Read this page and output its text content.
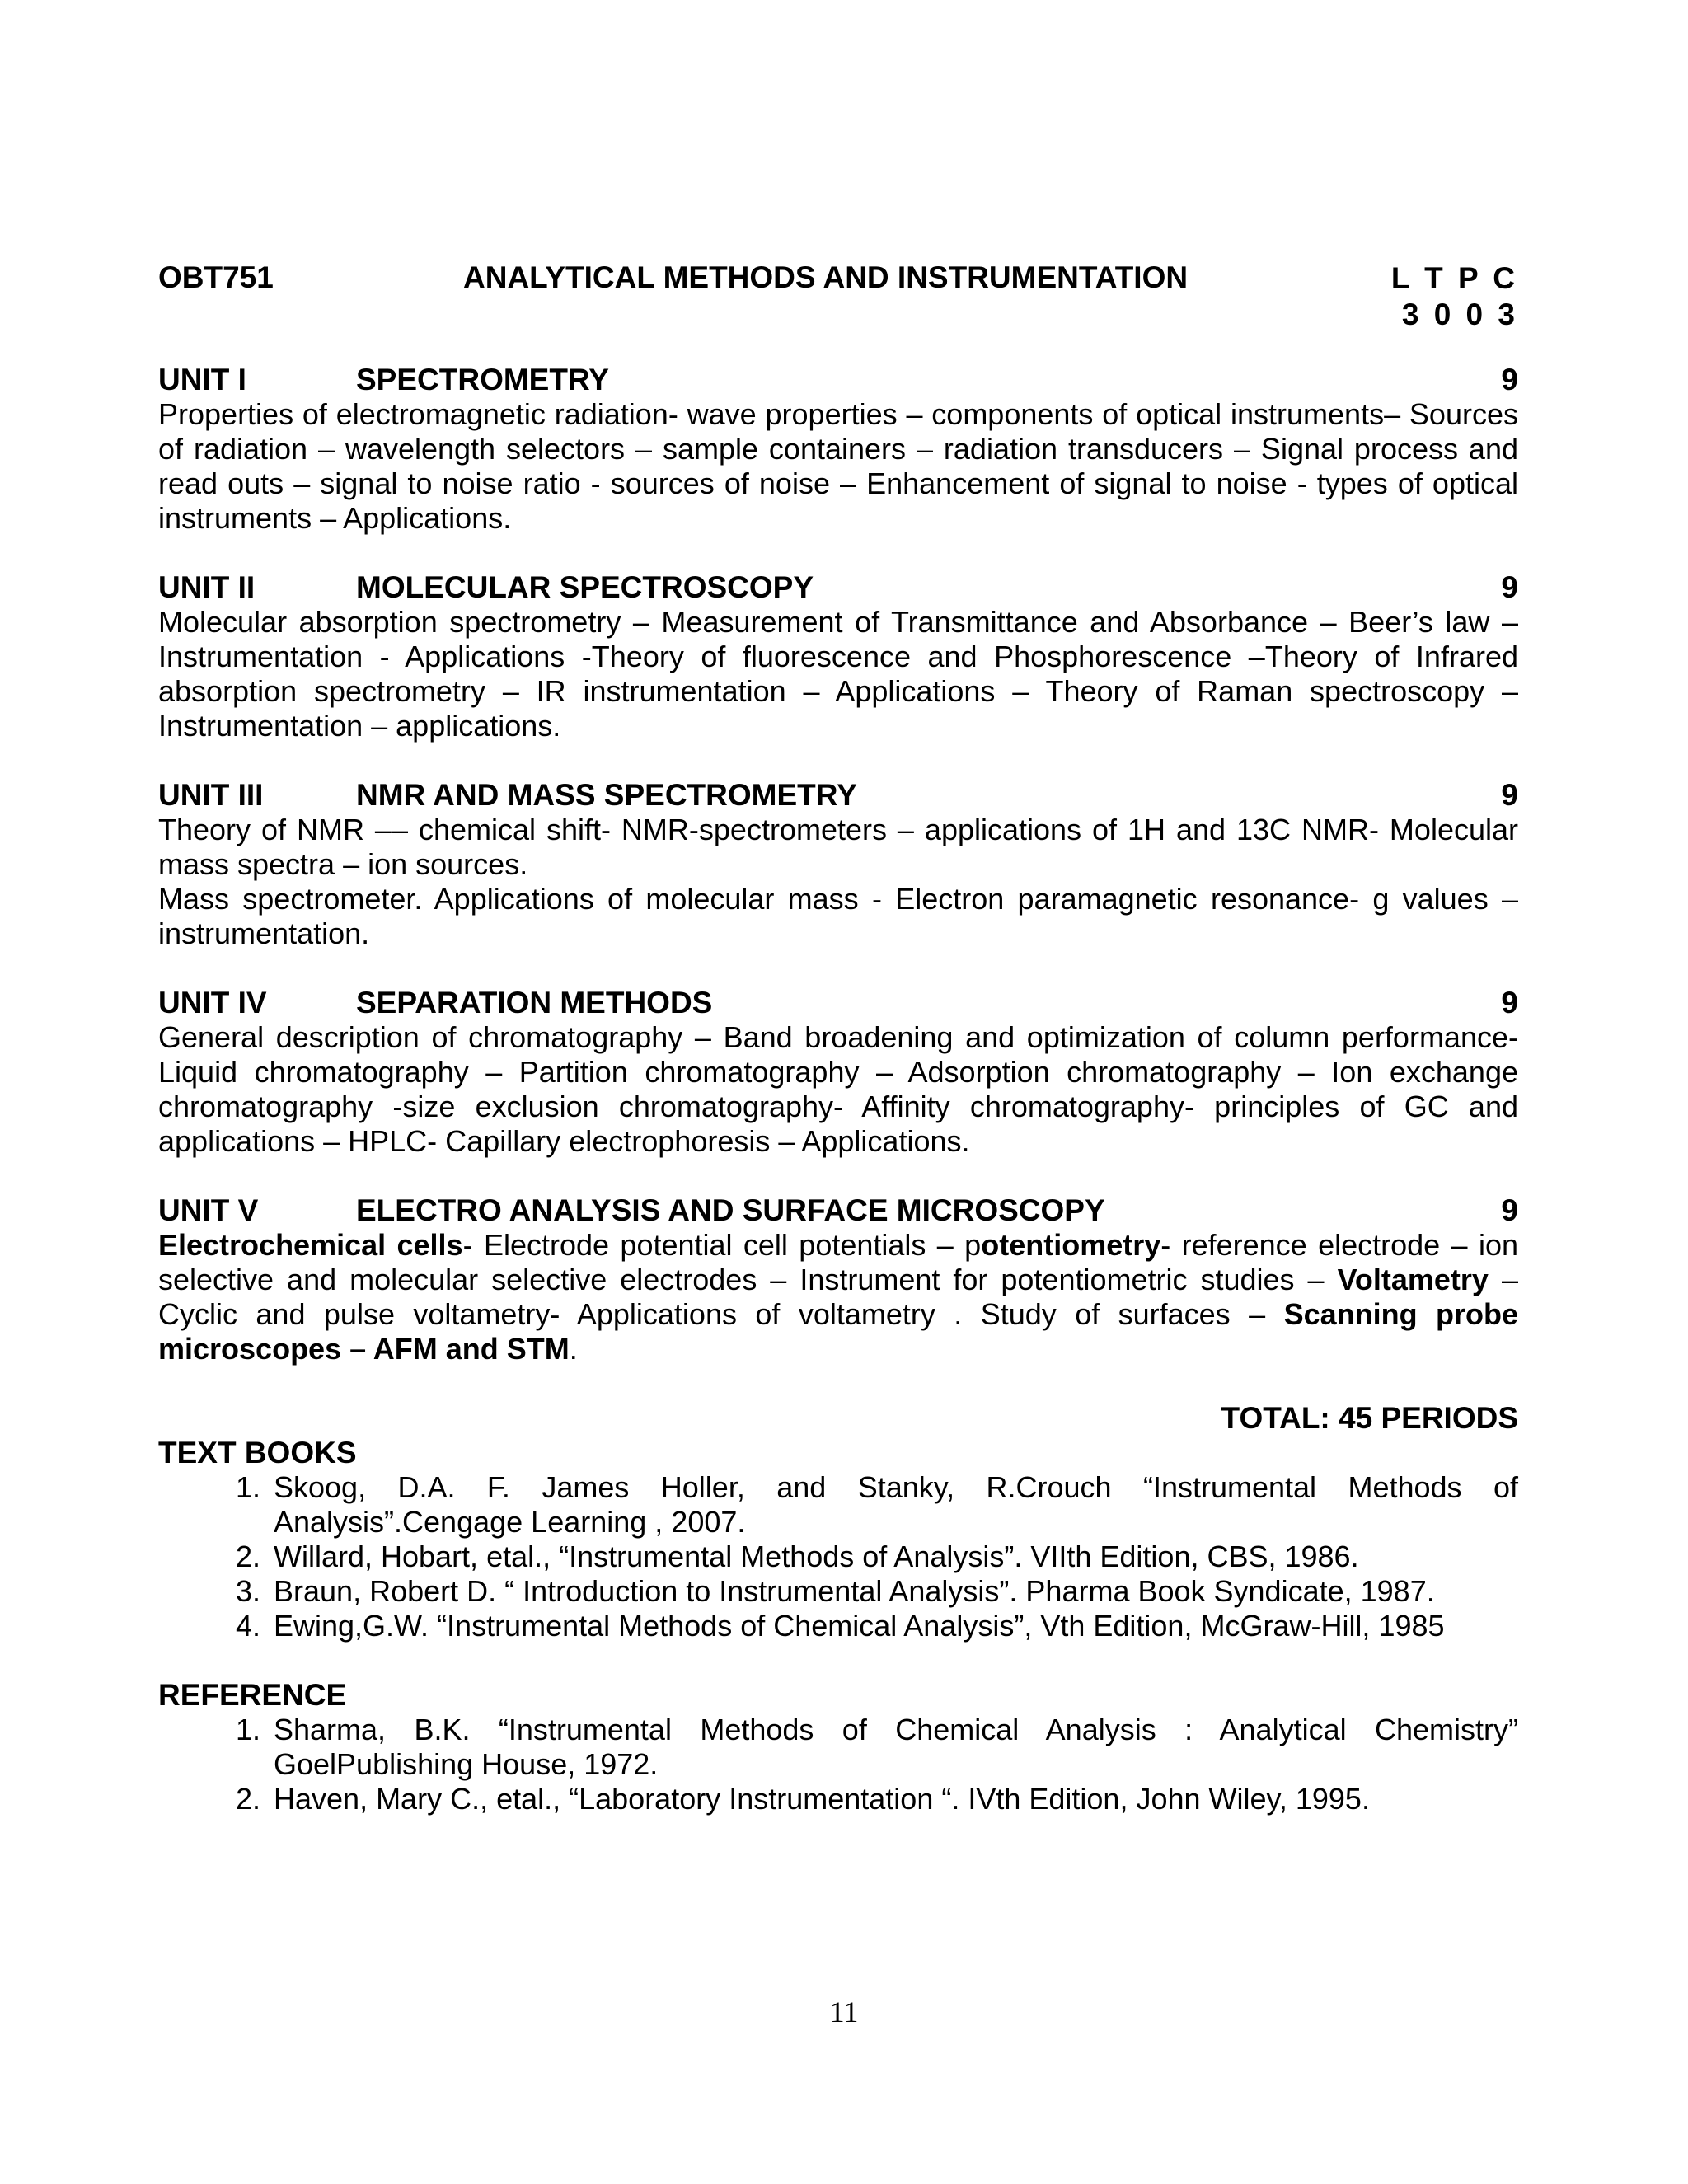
OBT751	ANALYTICAL METHODS AND INSTRUMENTATION	L T P C
3 0 0 3
UNIT I	SPECTROMETRY	9
Properties of electromagnetic radiation- wave properties – components of optical instruments– Sources of radiation – wavelength selectors – sample containers – radiation transducers – Signal process and read outs – signal to noise ratio - sources of noise – Enhancement of signal to noise - types of optical instruments – Applications.
UNIT II	MOLECULAR SPECTROSCOPY	9
Molecular absorption spectrometry – Measurement of Transmittance and Absorbance – Beer’s law – Instrumentation - Applications -Theory of fluorescence and Phosphorescence –Theory of Infrared absorption spectrometry – IR instrumentation – Applications – Theory of Raman spectroscopy – Instrumentation – applications.
UNIT III	NMR AND MASS SPECTROMETRY	9
Theory of NMR –– chemical shift- NMR-spectrometers – applications of 1H and 13C NMR- Molecular mass spectra – ion sources.
Mass spectrometer. Applications of molecular mass - Electron paramagnetic resonance- g values – instrumentation.
UNIT IV	SEPARATION METHODS	9
General description of chromatography – Band broadening and optimization of column performance- Liquid chromatography – Partition chromatography – Adsorption chromatography – Ion exchange chromatography -size exclusion chromatography- Affinity chromatography- principles of GC and applications – HPLC- Capillary electrophoresis – Applications.
UNIT V	ELECTRO ANALYSIS AND SURFACE MICROSCOPY	9
Electrochemical cells- Electrode potential cell potentials – potentiometry- reference electrode – ion selective and molecular selective electrodes – Instrument for potentiometric studies – Voltametry – Cyclic and pulse voltametry- Applications of voltametry . Study of surfaces – Scanning probe microscopes – AFM and STM.
TOTAL: 45 PERIODS
TEXT BOOKS
1. Skoog, D.A. F. James Holler, and Stanky, R.Crouch “Instrumental Methods of Analysis”.Cengage Learning , 2007.
2. Willard, Hobart, etal., “Instrumental Methods of Analysis”. VIIth Edition, CBS, 1986.
3. Braun, Robert D. “ Introduction to Instrumental Analysis”. Pharma Book Syndicate, 1987.
4. Ewing,G.W. “Instrumental Methods of Chemical Analysis”, Vth Edition, McGraw-Hill, 1985
REFERENCE
1. Sharma, B.K. “Instrumental Methods of Chemical Analysis : Analytical Chemistry” GoelPublishing House, 1972.
2. Haven, Mary C., etal., “Laboratory Instrumentation “. IVth Edition, John Wiley, 1995.
11
